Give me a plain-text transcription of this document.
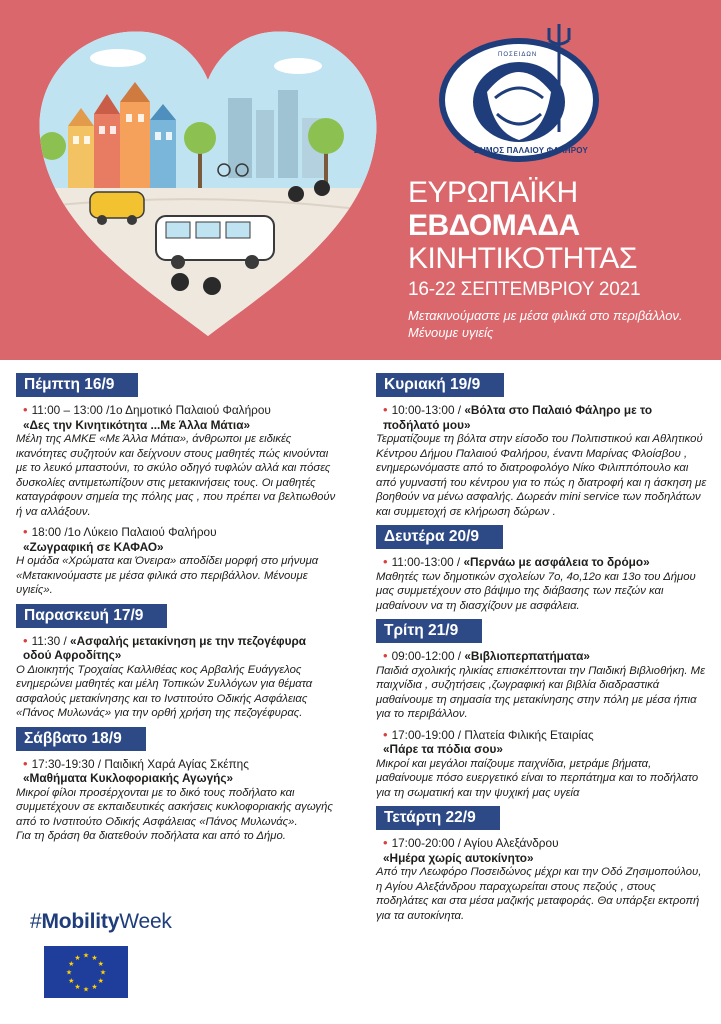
ΠΟΣΕΙΔΩΝ
ΔΗΜΟΣ ΠΑΛΑΙΟΥ ΦΑΛΗΡΟΥ
ΕΥΡΩΠΑΪΚΗ
ΕΒΔΟΜΑΔΑ
ΚΙΝΗΤΙΚΟΤΗΤΑΣ
16-22 ΣΕΠΤΕΜΒΡΙΟΥ 2021
Μετακινούμαστε με μέσα φιλικά στο περιβάλλον. Μένουμε υγιείς
Πέμπτη 16/9
• 11:00 – 13:00 /1ο Δημοτικό Παλαιού Φαλήρου
«Δες την Κινητικότητα ...Με Άλλα Μάτια»
Μέλη της ΑΜΚΕ «Με Άλλα Μάτια», άνθρωποι με ειδικές ικανότητες συζητούν και δείχνουν στους μαθητές πώς κινούνται με το λευκό μπαστούνι, το σκύλο οδηγό τυφλών αλλά και πόσες δυσκολίες αντιμετωπίζουν στις μετακινήσεις τους. Οι μαθητές καταγράφουν σημεία της πόλης μας , που πρέπει να βελτιωθούν ή να αλλάξουν.
• 18:00 /1ο Λύκειο Παλαιού Φαλήρου
«Ζωγραφική σε ΚΑΦΑΟ»
Η ομάδα «Χρώματα και Όνειρα» αποδίδει μορφή στο μήνυμα «Μετακινούμαστε με μέσα φιλικά στο περιβάλλον. Μένουμε υγιείς».
Παρασκευή 17/9
• 11:30 / «Ασφαλής μετακίνηση με την πεζογέφυρα
οδού Αφροδίτης»
Ο Διοικητής Τροχαίας Καλλιθέας κος Αρβαλής Ευάγγελος ενημερώνει μαθητές και μέλη Τοπικών Συλλόγων για θέματα ασφαλούς μετακίνησης και το Ινστιτούτο Οδικής Ασφάλειας «Πάνος Μυλωνάς» για την ορθή χρήση της πεζογέφυρας.
Σάββατο 18/9
• 17:30-19:30 / Παιδική Χαρά Αγίας Σκέπης
«Μαθήματα Κυκλοφοριακής Αγωγής»
Μικροί φίλοι προσέρχονται με το δικό τους ποδήλατο και συμμετέχουν σε εκπαιδευτικές ασκήσεις κυκλοφοριακής αγωγής από το Ινστιτούτο Οδικής Ασφάλειας «Πάνος Μυλωνάς».
Για τη δράση θα διατεθούν ποδήλατα και από το Δήμο.
#MobilityWeek
★
★
★
★
★
★
★
★
★ ★ ★
★
Κυριακή 19/9
• 10:00-13:00 / «Βόλτα στο Παλαιό Φάληρο με το
ποδήλατό μου»
Τερματίζουμε τη βόλτα στην είσοδο του Πολιτιστικού και Αθλητικού Κέντρου Δήμου Παλαιού Φαλήρου, έναντι Μαρίνας Φλοίσβου , ενημερωνόμαστε από το διατροφολόγο Νίκο Φιλιππόπουλο και από γυμναστή του κέντρου για το πώς η διατροφή και η άσκηση με βοηθούν να μένω ασφαλής. Δωρεάν mini service των ποδηλάτων και συμμετοχή σε κλήρωση δώρων .
Δευτέρα 20/9
• 11:00-13:00 / «Περνάω με ασφάλεια το δρόμο»
Μαθητές των δημοτικών σχολείων 7ο, 4ο,12ο και 13ο του Δήμου μας συμμετέχουν στο βάψιμο της διάβασης των πεζών και μαθαίνουν να τη διασχίζουν με ασφάλεια.
Τρίτη 21/9
• 09:00-12:00 / «Βιβλιοπερπατήματα»
Παιδιά σχολικής ηλικίας επισκέπτονται την Παιδική Βιβλιοθήκη. Με παιχνίδια , συζητήσεις ,ζωγραφική και βιβλία διαδραστικά μαθαίνουμε τη σημασία της μετακίνησης στην πόλη με μέσα ήπια για το περιβάλλον.
• 17:00-19:00 / Πλατεία Φιλικής Εταιρίας
«Πάρε τα πόδια σου»
Μικροί και μεγάλοι παίζουμε παιχνίδια, μετράμε βήματα, μαθαίνουμε πόσο ευεργετικό είναι το περπάτημα και το ποδήλατο για τη σωματική και την ψυχική μας υγεία
Τετάρτη 22/9
• 17:00-20:00 / Αγίου Αλεξάνδρου
«Ημέρα χωρίς αυτοκίνητο»
Από την Λεωφόρο Ποσειδώνος μέχρι και την Οδό Ζησιμοπούλου, η Αγίου Αλεξάνδρου παραχωρείται στους πεζούς , στους ποδηλάτες και στα μέσα μαζικής μεταφοράς. Θα υπάρξει εκτροπή για τα αυτοκίνητα.
